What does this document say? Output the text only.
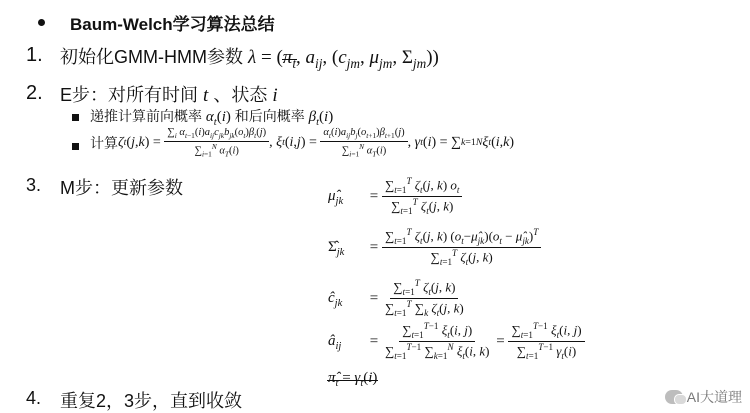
Baum-Welch学习算法总结
1. 初始化GMM-HMM参数 $\lambda = (\pi_t$, $a_{ij}$, ($c_{jm}$, $\mu_{jm}$, $\Sigma_{jm}$))
2. E步：对所有时间 t 、状态 i
递推计算前向概率 $\alpha_t(i)$ 和后向概率 $\beta_t(i)$
计算 ζ t ( j , k ) = $\frac{\sum_i \alpha_{t-1}(i)a_{ij}c_{jk}b_{jk}(o_t)\beta_t(j)}{\sum_{i=1}^N \alpha_T(i)}$ , ξ t ( i , j ) = $\frac{\alpha_t(i)a_{ij}b_j(o_{t+1})\beta_{t+1}(j)}{\sum_{i=1}^N \alpha_T(i)}$ , γ t ( i ) = ∑ k=1 N ξ t ( i , k )
3. M步：更新参数	$\mû_{jk} = \frac{\sum_{t=1}^T \zeta_t(j, k) o_t}{\sum_{t=1}^T \zeta_t(j, k)}$
$\Sigmâ_{jk} = \frac{\sum_{t=1}^T \zeta_t(j, k) (o_t-\mû_{jk})(o_t - \mû_{jk})^T}{\sum_{t=1}^T \zeta_t(j, k)}$
$ĉ_{jk} = \frac{\sum_{t=1}^T \zeta_t(j, k)}{\sum_{t=1}^T \sum_k \zeta_t(j, k)}$
$â_{ij} = \frac{\sum_{t=1}^{T-1} \xi_t(i, j)}{\sum_{t=1}^{T-1} \sum_{k=1}^N \xi_t(i, k)} = \frac{\sum_{t=1}^{T-1} \xi_t(i, j)}{\sum_{t=1}^{T-1} \gamma_t(i)}$
$\pî_t = \gamma_t(i)$
4. 重复2，3步，直到收敛	AI大道理
